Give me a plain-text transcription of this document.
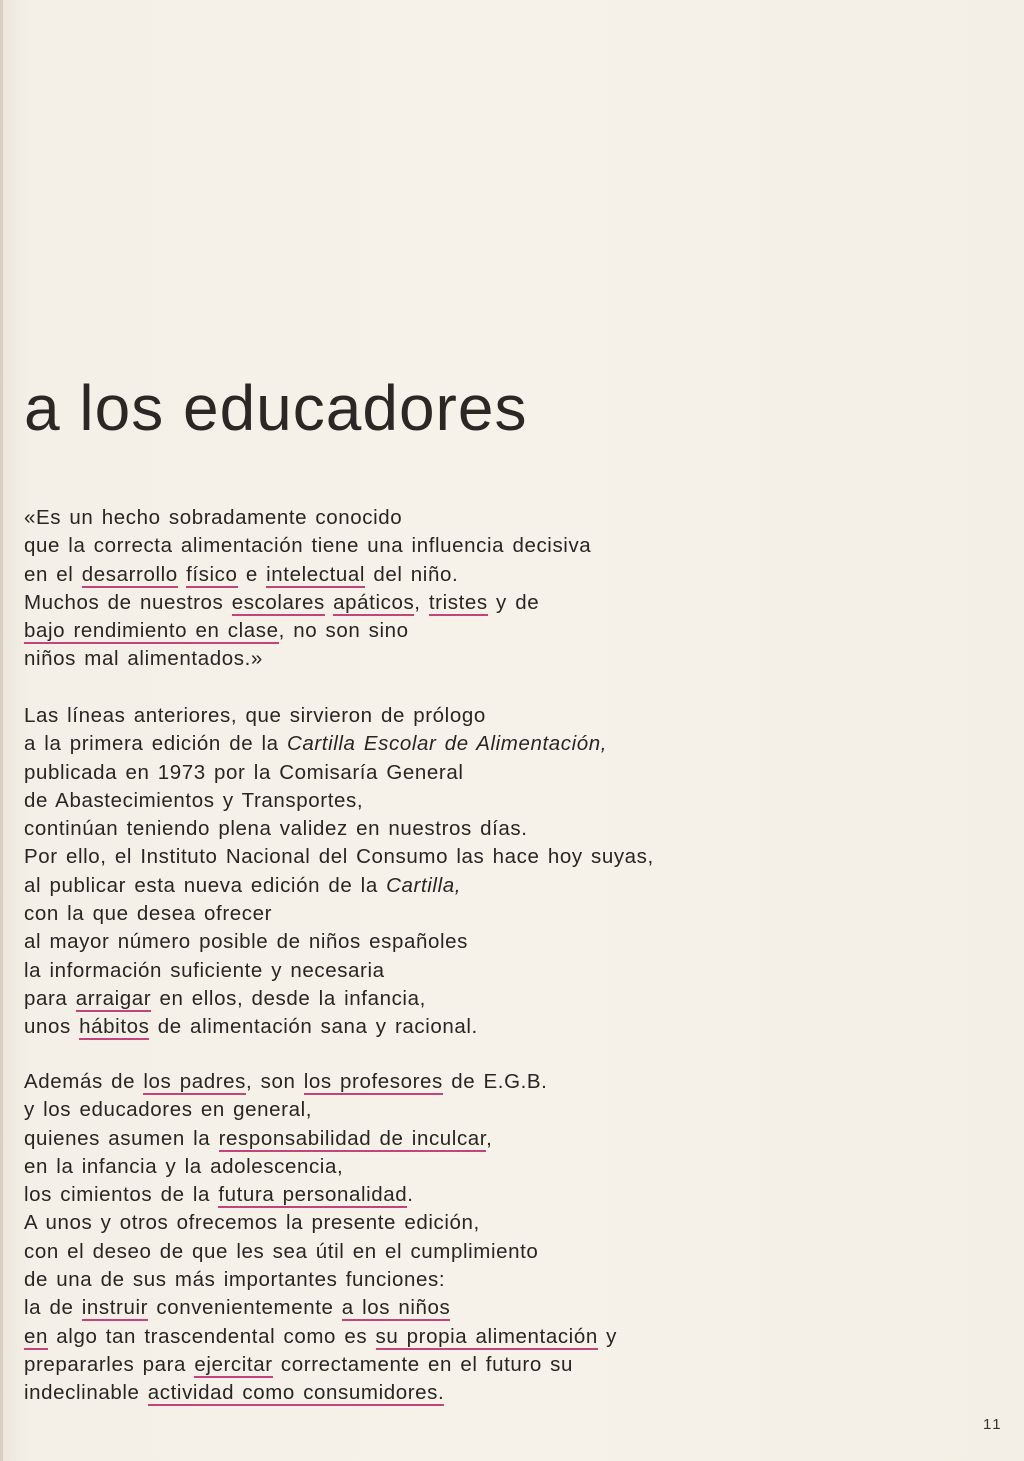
a los educadores
«Es un hecho sobradamente conocido
que la correcta alimentación tiene una influencia decisiva
en el desarrollo físico e intelectual del niño.
Muchos de nuestros escolares apáticos, tristes y de
bajo rendimiento en clase, no son sino
niños mal alimentados.»
Las líneas anteriores, que sirvieron de prólogo
a la primera edición de la Cartilla Escolar de Alimentación,
publicada en 1973 por la Comisaría General
de Abastecimientos y Transportes,
continúan teniendo plena validez en nuestros días.
Por ello, el Instituto Nacional del Consumo las hace hoy suyas,
al publicar esta nueva edición de la Cartilla,
con la que desea ofrecer
al mayor número posible de niños españoles
la información suficiente y necesaria
para arraigar en ellos, desde la infancia,
unos hábitos de alimentación sana y racional.
Además de los padres, son los profesores de E.G.B.
y los educadores en general,
quienes asumen la responsabilidad de inculcar,
en la infancia y la adolescencia,
los cimientos de la futura personalidad.
A unos y otros ofrecemos la presente edición,
con el deseo de que les sea útil en el cumplimiento
de una de sus más importantes funciones:
la de instruir convenientemente a los niños
en algo tan trascendental como es su propia alimentación y
prepararles para ejercitar correctamente en el futuro su
indeclinable actividad como consumidores.
11
